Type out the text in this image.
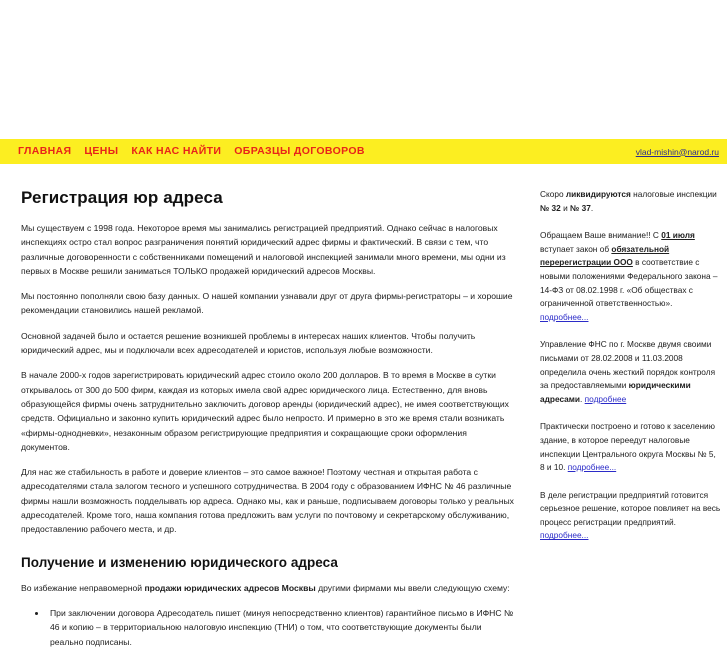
ГЛАВНАЯ ЦЕНЫ КАК НАС НАЙТИ ОБРАЗЦЫ ДОГОВОРОВ	vlad-mishin@narod.ru
Регистрация юр адреса

Мы существуем с 1998 года. Некоторое время мы занимались регистрацией предприятий. Однако сейчас в налоговых инспекциях остро стал вопрос разграничения понятий юридический адрес фирмы и фактический. В связи с тем, что различные договоренности с собственниками помещений и налоговой инспекцией занимали много времени, мы одни из первых в Москве решили заниматься ТОЛЬКО продажей юридический адресов Москвы.

Мы постоянно пополняли свою базу данных. О нашей компании узнавали друг от друга фирмы-регистраторы – и хорошие рекомендации становились нашей рекламой.

Основной задачей было и остается решение возникшей проблемы в интересах наших клиентов. Чтобы получить юридический адрес, мы и подключали всех адресодателей и юристов, используя любые возможности.

В начале 2000-х годов зарегистрировать юридический адрес стоило около 200 долларов. В то время в Москве в сутки открывалось от 300 до 500 фирм, каждая из которых имела свой адрес юридического лица. Естественно, для вновь образующейся фирмы очень затруднительно заключить договор аренды (юридический адрес), не имея соответствующих средств. Официально и законно купить юридический адрес было непросто. И примерно в это же время стали возникать «фирмы-однодневки», незаконным образом регистрирующие предприятия и сокращающие сроки оформления документов.

Для нас же стабильность в работе и доверие клиентов – это самое важное! Поэтому честная и открытая работа с адресодателями стала залогом тесного и успешного сотрудничества. В 2004 году с образованием ИФНС № 46 различные фирмы нашли возможность подделывать юр адреса. Однако мы, как и раньше, подписываем договоры только у реальных адресодателей. Кроме того, наша компания готова предложить вам услуги по почтовому и секретарскому обслуживанию, предоставлению рабочего места, и др.

Получение и изменению юридического адреса

Во избежание неправомерной продажи юридических адресов Москвы другими фирмами мы ввели следующую схему:

• При заключении договора Адресодатель пишет (минуя непосредственно клиентов) гарантийное письмо в ИФНС № 46 и копию – в территориальною налоговую инспекцию (ТНИ) о том, что соответствующие документы были реально подписаны.

Скоро ликвидируются налоговые инспекции № 32 и № 37.

Обращаем Ваше внимание!! С 01 июля вступает закон об обязательной перерегистрации ООО в соответствие с новыми положениями Федерального закона – 14-ФЗ от 08.02.1998 г. «Об обществах с ограниченной ответственностью». подробнее...

Управление ФНС по г. Москве двумя своими письмами от 28.02.2008 и 11.03.2008 определила очень жесткий порядок контроля за предоставляемыми юридическими адресами. подробнее

Практически построено и готово к заселению здание, в которое переедут налоговые инспекции Центрального округа Москвы № 5, 8 и 10. подробнее...

В деле регистрации предприятий готовится серьезное решение, которое повлияет на весь процесс регистрации предприятий. подробнее...
